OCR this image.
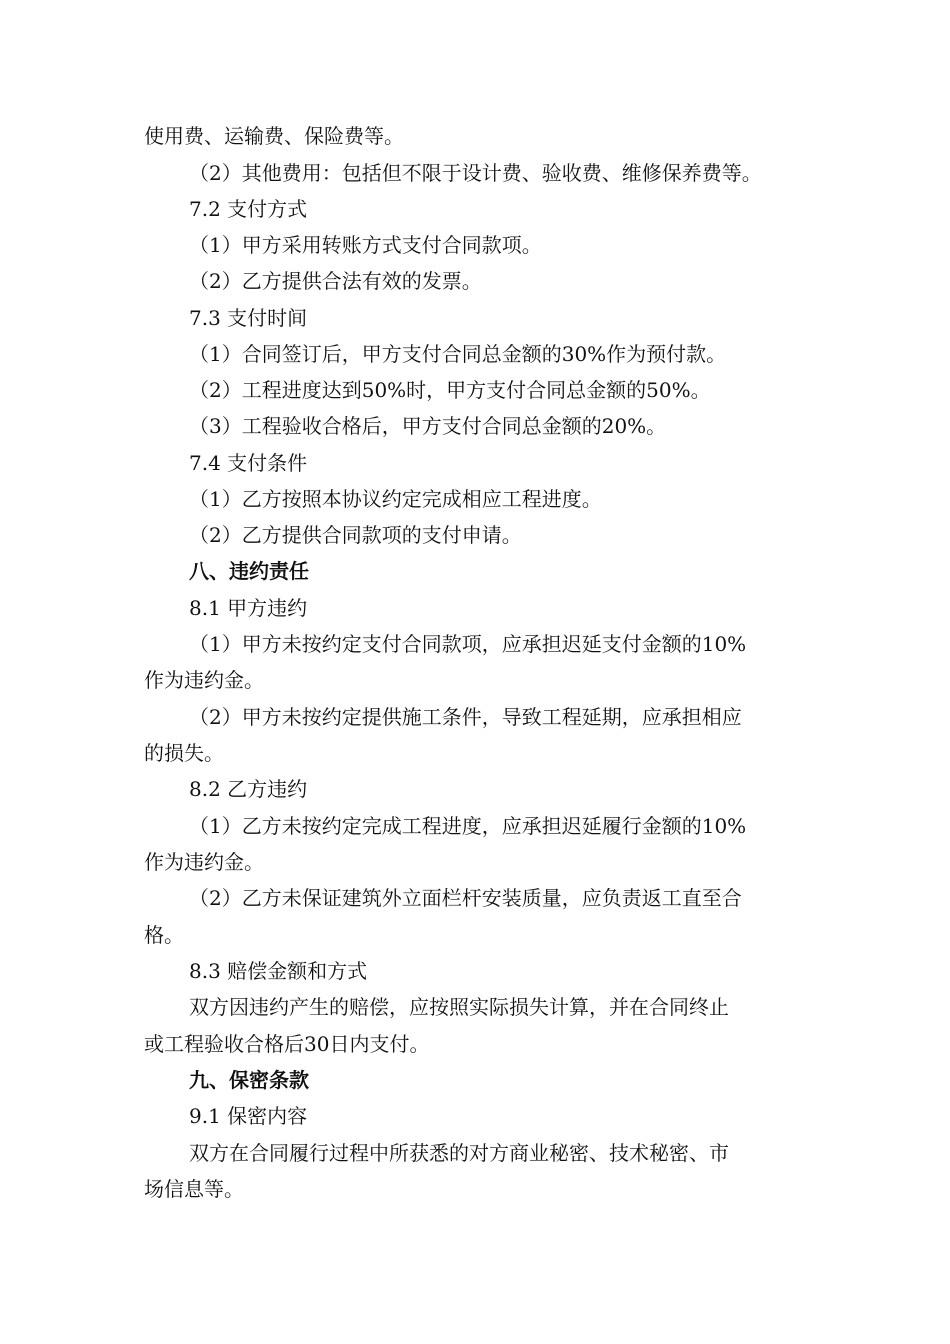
使用费、运输费、保险费等。
（2）其他费用：包括但不限于设计费、验收费、维修保养费等。
7.2 支付方式
（1）甲方采用转账方式支付合同款项。
（2）乙方提供合法有效的发票。
7.3 支付时间
（1）合同签订后，甲方支付合同总金额的30%作为预付款。
（2）工程进度达到50%时，甲方支付合同总金额的50%。
（3）工程验收合格后，甲方支付合同总金额的20%。
7.4 支付条件
（1）乙方按照本协议约定完成相应工程进度。
（2）乙方提供合同款项的支付申请。
八、违约责任
8.1 甲方违约
（1）甲方未按约定支付合同款项，应承担迟延支付金额的10%
作为违约金。
（2）甲方未按约定提供施工条件，导致工程延期，应承担相应
的损失。
8.2 乙方违约
（1）乙方未按约定完成工程进度，应承担迟延履行金额的10%
作为违约金。
（2）乙方未保证建筑外立面栏杆安装质量，应负责返工直至合
格。
8.3 赔偿金额和方式
双方因违约产生的赔偿，应按照实际损失计算，并在合同终止
或工程验收合格后30日内支付。
九、保密条款
9.1 保密内容
双方在合同履行过程中所获悉的对方商业秘密、技术秘密、市
场信息等。
